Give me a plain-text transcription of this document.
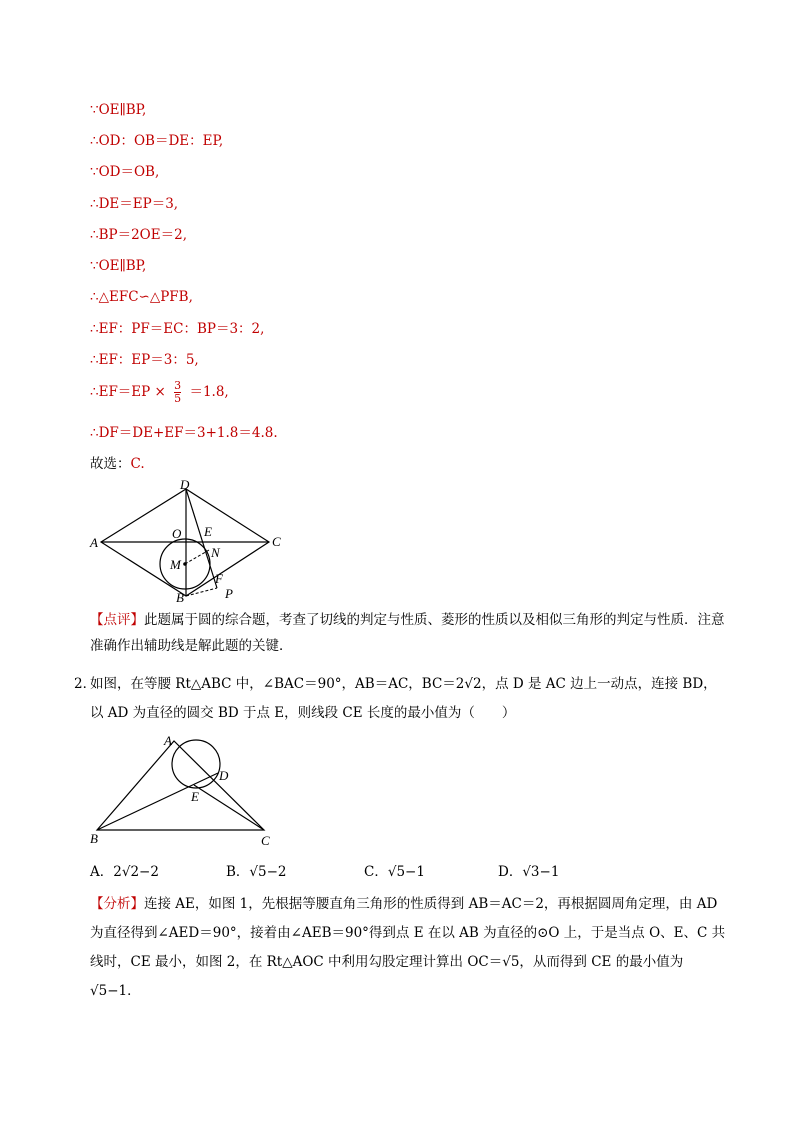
∵OE∥BP,
∴OD：OB＝DE：EP,
∵OD＝OB,
∴DE＝EP＝3,
∴BP＝2OE＝2,
∵OE∥BP,
∴△EFC∽△PFB,
∴EF：PF＝EC：BP＝3：2,
∴EF：EP＝3：5,
∴EF＝EP × $\frac{3}{5} =1.8$,
∴DF＝DE+EF＝3+1.8＝4.8.
故选：C.
D
A
O E
C
M
N
F
B	P
【点评】此题属于圆的综合题，考查了切线的判定与性质、菱形的性质以及相似三角形的判定与性质．注意准确作出辅助线是解此题的关键．
2．
如图，在等腰 Rt△ABC 中，∠BAC＝90°，AB＝AC，BC＝2√2，点 D 是 AC 边上一动点，连接 BD，
以 AD 为直径的圆交 BD 于点 E，则线段 CE 长度的最小值为（　　）
A
D
E
B	C
A．2√2−2	B．√5−2	C．√5−1	D．√3−1
【分析】连接 AE，如图 1，先根据等腰直角三角形的性质得到 AB＝AC＝2，再根据圆周角定理，由 AD 为直径得到∠AED＝90°，接着由∠AEB＝90°得到点 E 在以 AB 为直径的⊙O 上，于是当点 O、E、C 共线时，CE 最小，如图 2，在 Rt△AOC 中利用勾股定理计算出 OC＝√5，从而得到 CE 的最小值为√5−1．
